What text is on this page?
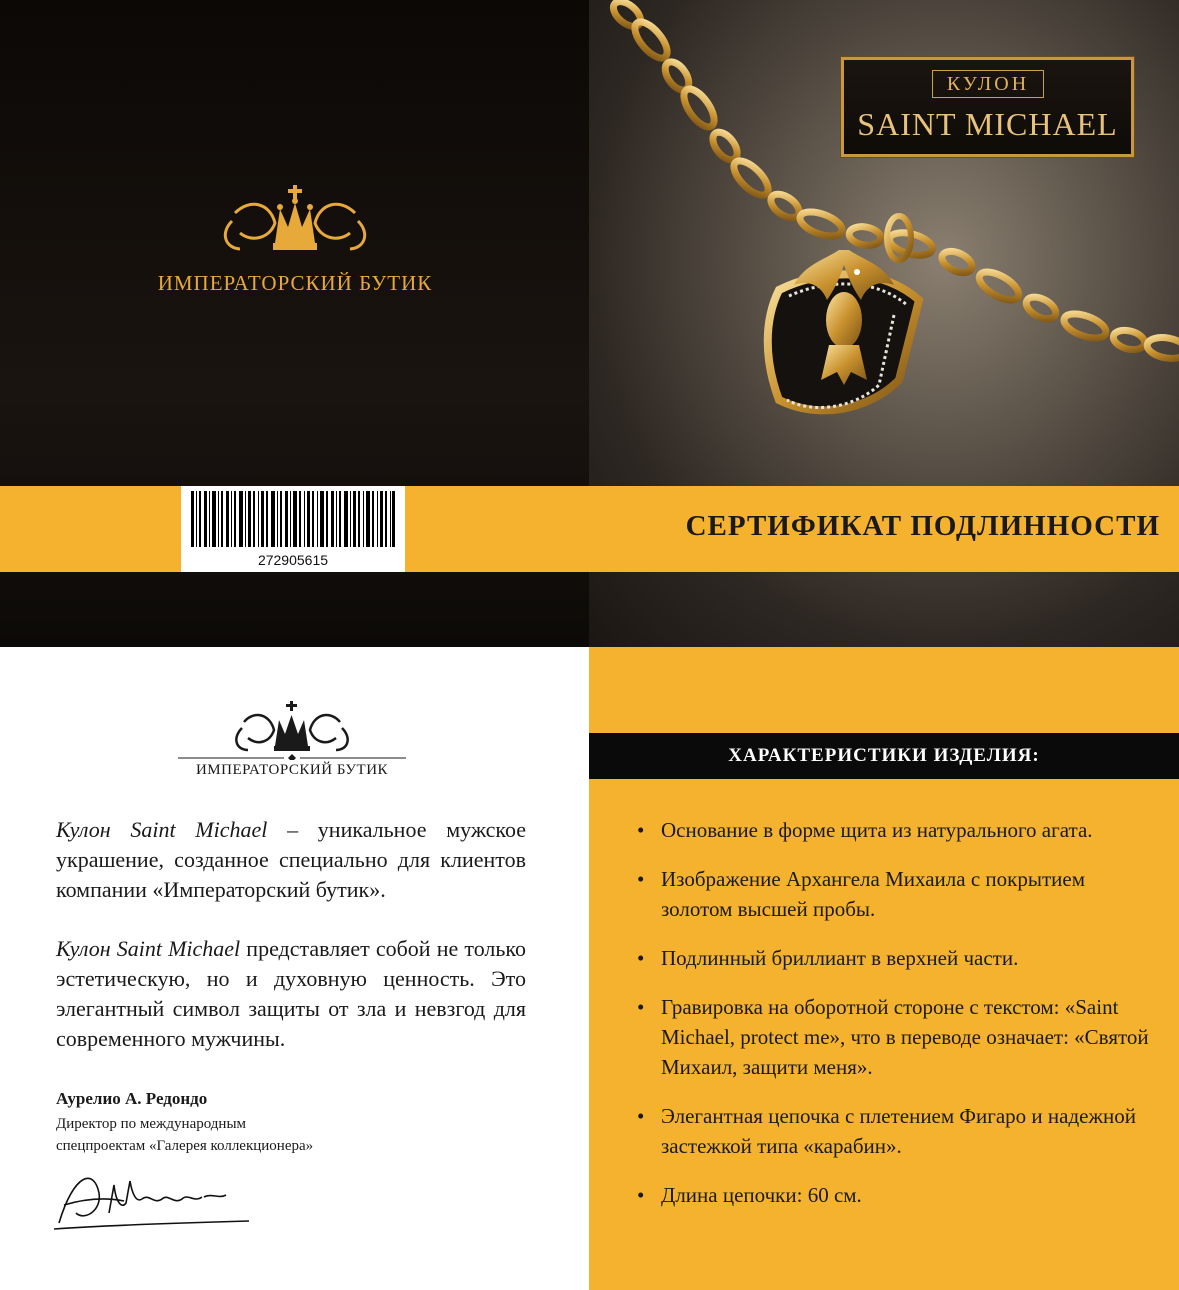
ИМПЕРАТОРСКИЙ БУТИК
КУЛОН
SAINT MICHAEL
272905615
СЕРТИФИКАТ ПОДЛИННОСТИ
ИМПЕРАТОРСКИЙ БУТИК
Кулон Saint Michael – уникальное мужское украшение, созданное специально для клиентов компании «Императорский бутик».
Кулон Saint Michael представляет собой не только эстетическую, но и духовную ценность. Это элегантный символ защиты от зла и невзгод для современного мужчины.
Аурелио А. Редондо
Директор по международным
спецпроектам «Галерея коллекционера»
ХАРАКТЕРИСТИКИ ИЗДЕЛИЯ:
• Основание в форме щита из натурального агата.
• Изображение Архангела Михаила с покрытием золотом высшей пробы.
• Подлинный бриллиант в верхней части.
• Гравировка на оборотной стороне с текстом: «Saint Michael, protect me», что в переводе означает: «Святой Михаил, защити меня».
• Элегантная цепочка с плетением Фигаро и надежной застежкой типа «карабин».
• Длина цепочки: 60 см.
